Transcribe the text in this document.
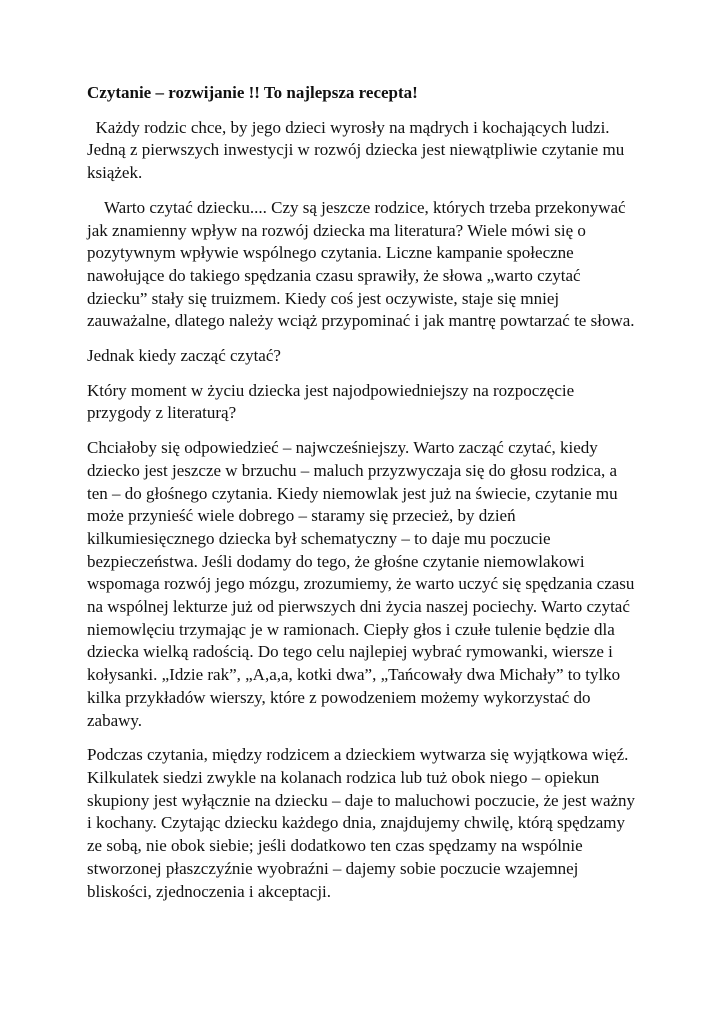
Czytanie – rozwijanie !! To najlepsza recepta!

Każdy rodzic chce, by jego dzieci wyrosły na mądrych i kochających ludzi. Jedną z pierwszych inwestycji w rozwój dziecka jest niewątpliwie czytanie mu książek.

Warto czytać dziecku.... Czy są jeszcze rodzice, których trzeba przekonywać jak znamienny wpływ na rozwój dziecka ma literatura? Wiele mówi się o pozytywnym wpływie wspólnego czytania. Liczne kampanie społeczne nawołujące do takiego spędzania czasu sprawiły, że słowa „warto czytać dziecku” stały się truizmem. Kiedy coś jest oczywiste, staje się mniej zauważalne, dlatego należy wciąż przypominać i jak mantrę powtarzać te słowa.

Jednak kiedy zacząć czytać?

Który moment w życiu dziecka jest najodpowiedniejszy na rozpoczęcie przygody z literaturą?

Chciałoby się odpowiedzieć – najwcześniejszy. Warto zacząć czytać, kiedy dziecko jest jeszcze w brzuchu – maluch przyzwyczaja się do głosu rodzica, a ten – do głośnego czytania. Kiedy niemowlak jest już na świecie, czytanie mu może przynieść wiele dobrego – staramy się przecież, by dzień kilkumiesięcznego dziecka był schematyczny – to daje mu poczucie bezpieczeństwa. Jeśli dodamy do tego, że głośne czytanie niemowlakowi wspomaga rozwój jego mózgu, zrozumiemy, że warto uczyć się spędzania czasu na wspólnej lekturze już od pierwszych dni życia naszej pociechy. Warto czytać niemowlęciu trzymając je w ramionach. Ciepły głos i czułe tulenie będzie dla dziecka wielką radością. Do tego celu najlepiej wybrać rymowanki, wiersze i kołysanki. „Idzie rak”, „A,a,a, kotki dwa”, „Tańcowały dwa Michały” to tylko kilka przykładów wierszy, które z powodzeniem możemy wykorzystać do zabawy.

Podczas czytania, między rodzicem a dzieckiem wytwarza się wyjątkowa więź. Kilkulatek siedzi zwykle na kolanach rodzica lub tuż obok niego – opiekun skupiony jest wyłącznie na dziecku – daje to maluchowi poczucie, że jest ważny i kochany. Czytając dziecku każdego dnia, znajdujemy chwilę, którą spędzamy ze sobą, nie obok siebie; jeśli dodatkowo ten czas spędzamy na wspólnie stworzonej płaszczyźnie wyobraźni – dajemy sobie poczucie wzajemnej bliskości, zjednoczenia i akceptacji.
